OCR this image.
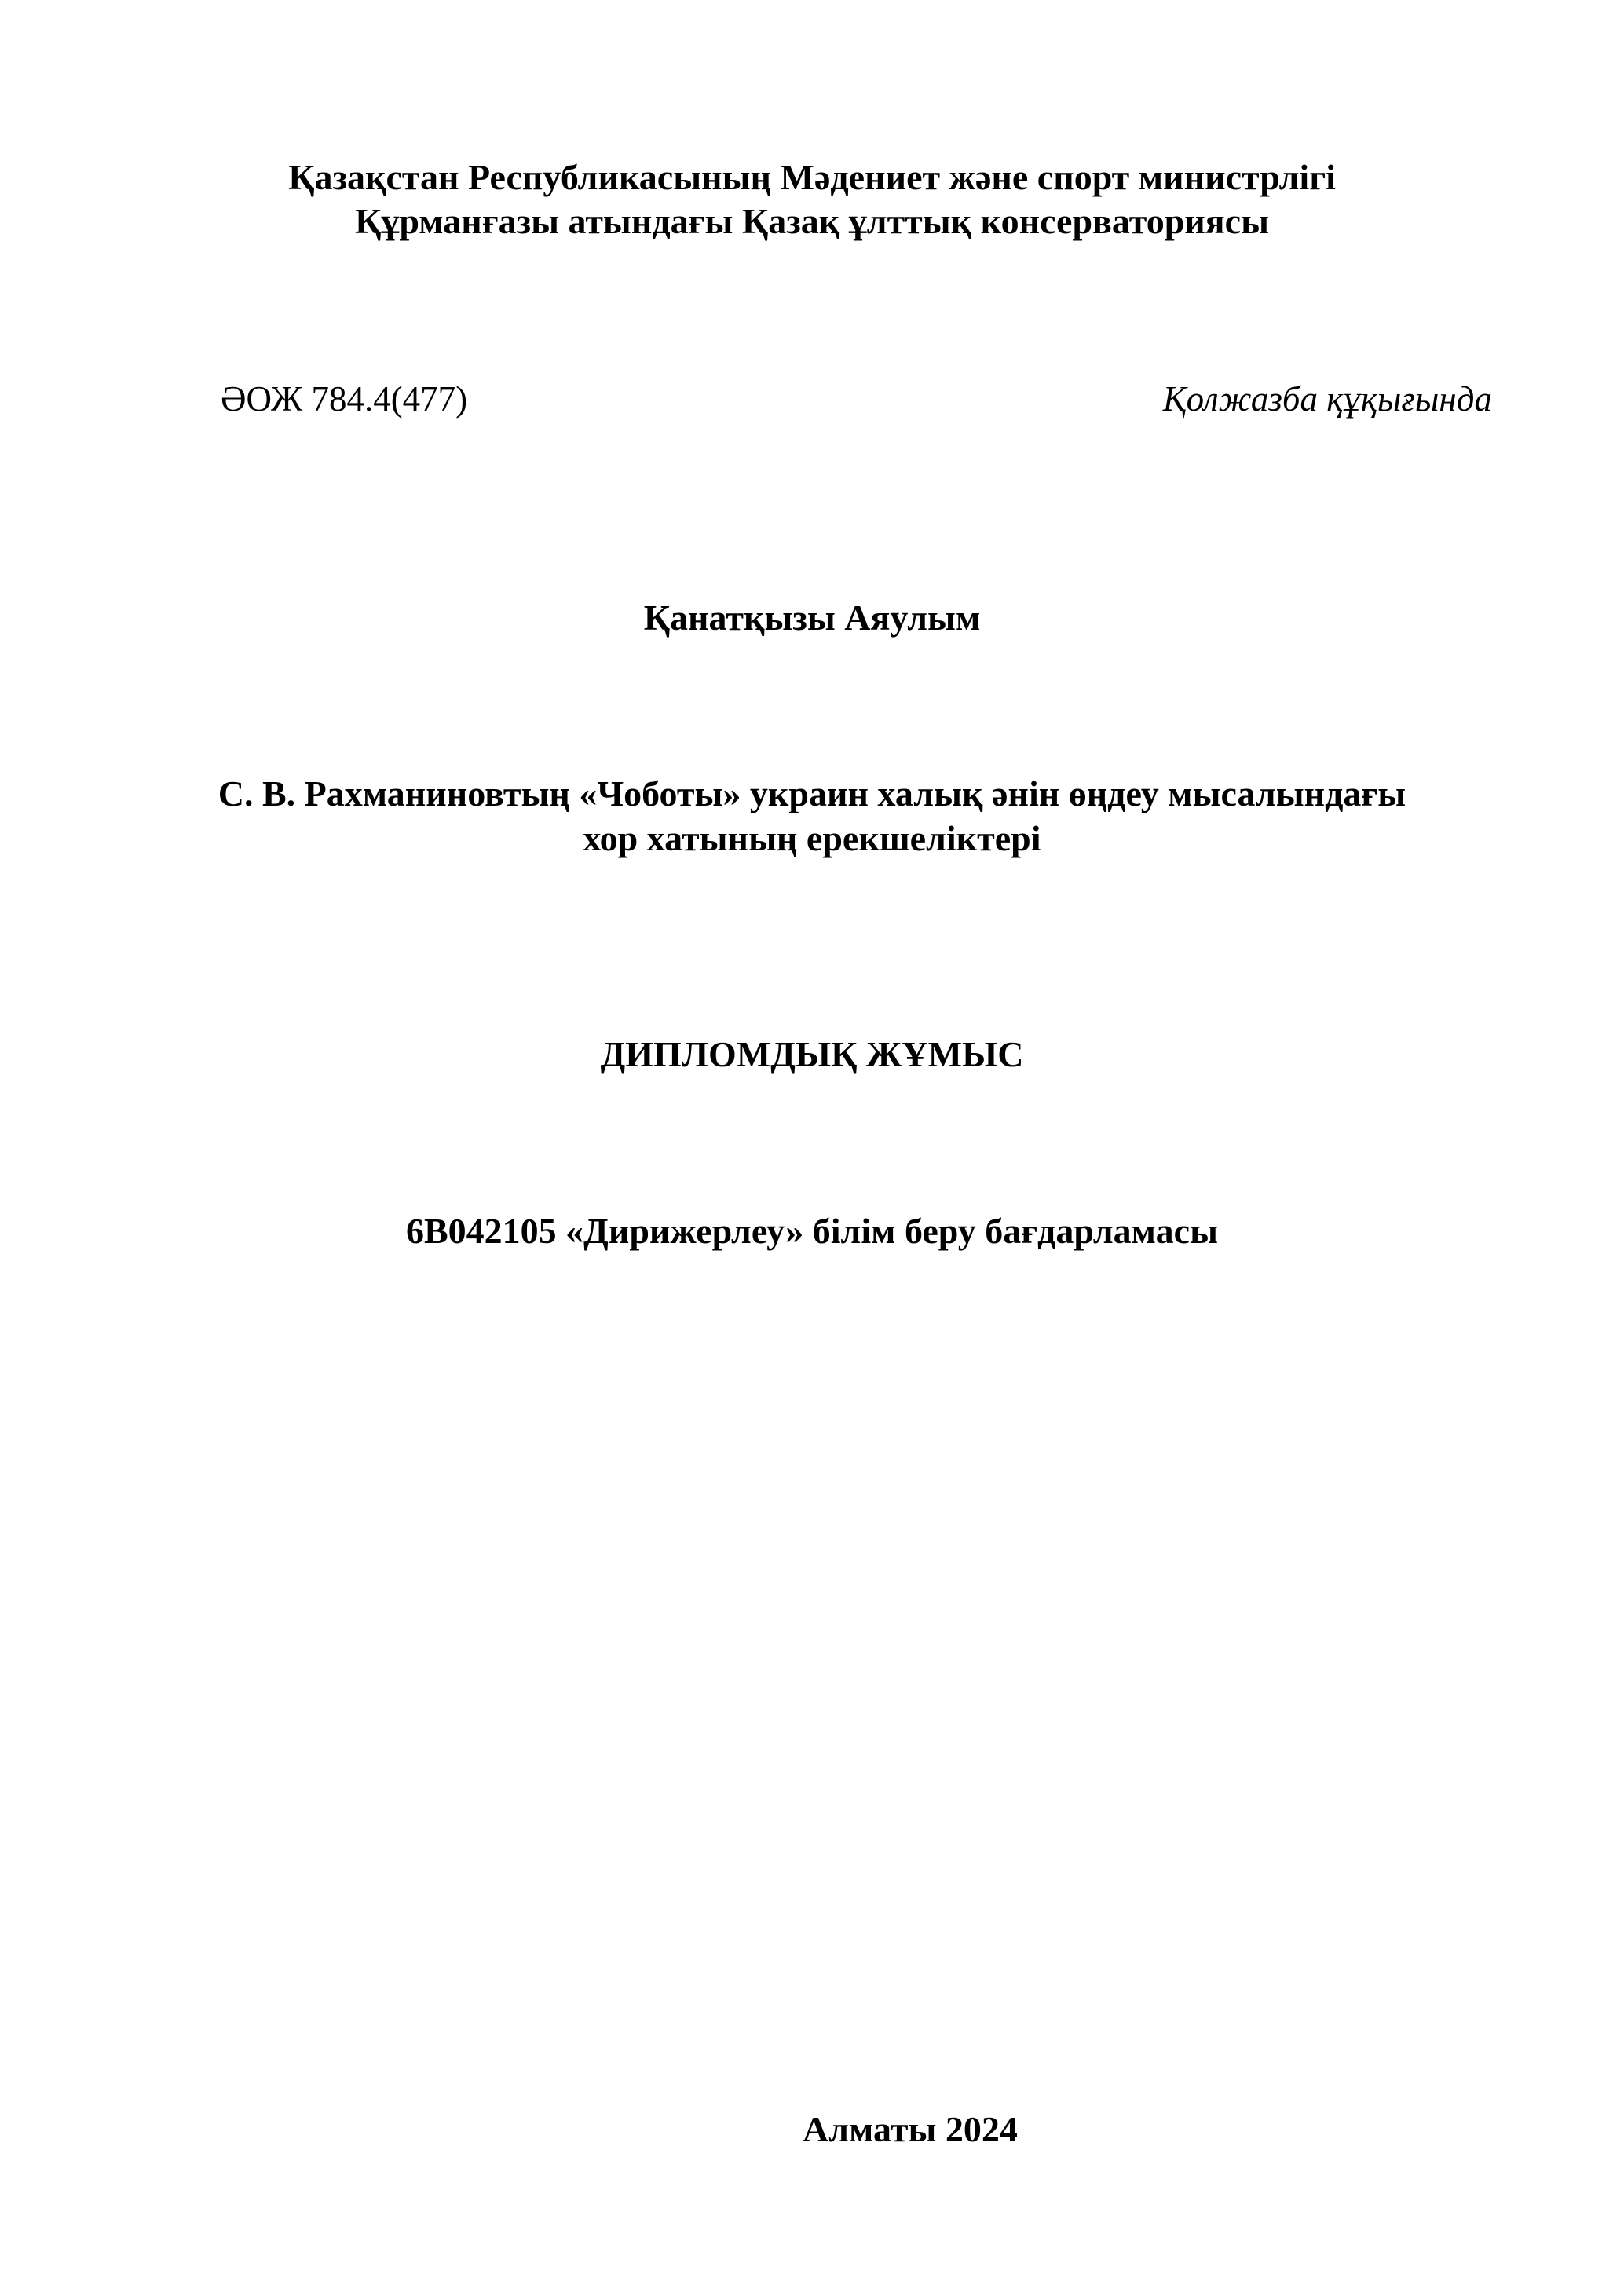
Қазақстан Республикасының Мәдениет және спорт министрлігі
Құрманғазы атындағы Қазақ ұлттық консерваториясы
ӘОЖ 784.4(477)	Қолжазба құқығында
Қанатқызы Аяулым
С. В. Рахманиновтың «Чоботы» украин халық әнін өңдеу мысалындағы
хор хатының ерекшеліктері
ДИПЛОМДЫҚ ЖҰМЫС
6В042105 «Дирижерлеу» білім беру бағдарламасы
Алматы 2024
